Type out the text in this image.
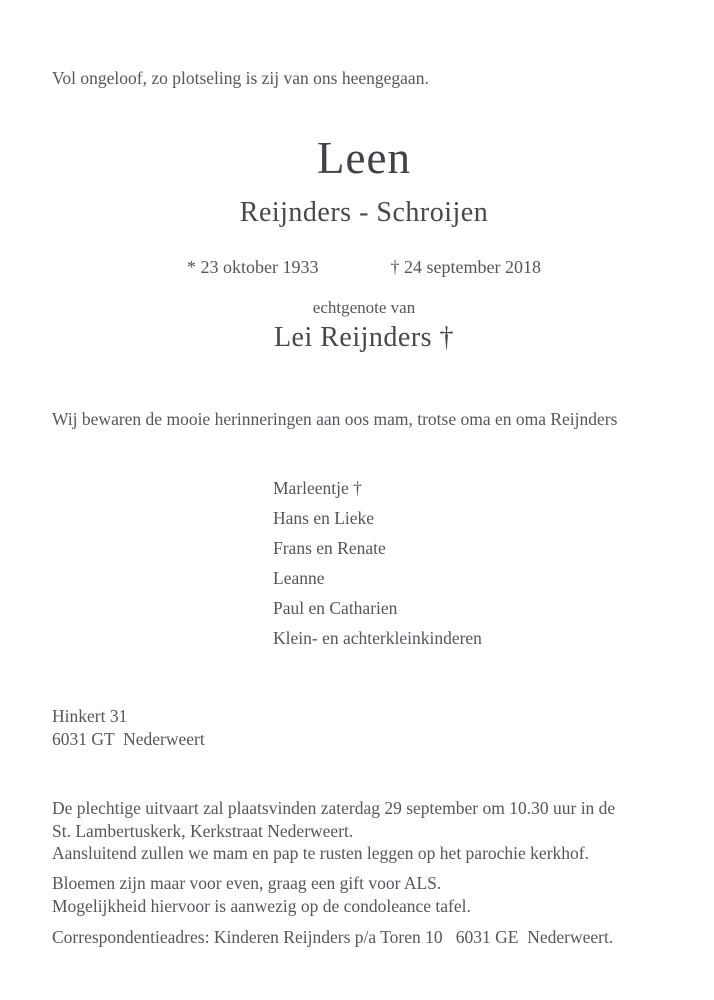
Vol ongeloof, zo plotseling is zij van ons heengegaan.
Leen
Reijnders - Schroijen
* 23 oktober 1933	† 24 september 2018
echtgenote van
Lei Reijnders †
Wij bewaren de mooie herinneringen aan oos mam, trotse oma en oma Reijnders
Marleentje †
Hans en Lieke
Frans en Renate
Leanne
Paul en Catharien
Klein- en achterkleinkinderen
Hinkert 31
6031 GT  Nederweert
De plechtige uitvaart zal plaatsvinden zaterdag 29 september om 10.30 uur in de
St. Lambertuskerk, Kerkstraat Nederweert.
Aansluitend zullen we mam en pap te rusten leggen op het parochie kerkhof.
Bloemen zijn maar voor even, graag een gift voor ALS.
Mogelijkheid hiervoor is aanwezig op de condoleance tafel.
Correspondentieadres: Kinderen Reijnders p/a Toren 10   6031 GE  Nederweert.
